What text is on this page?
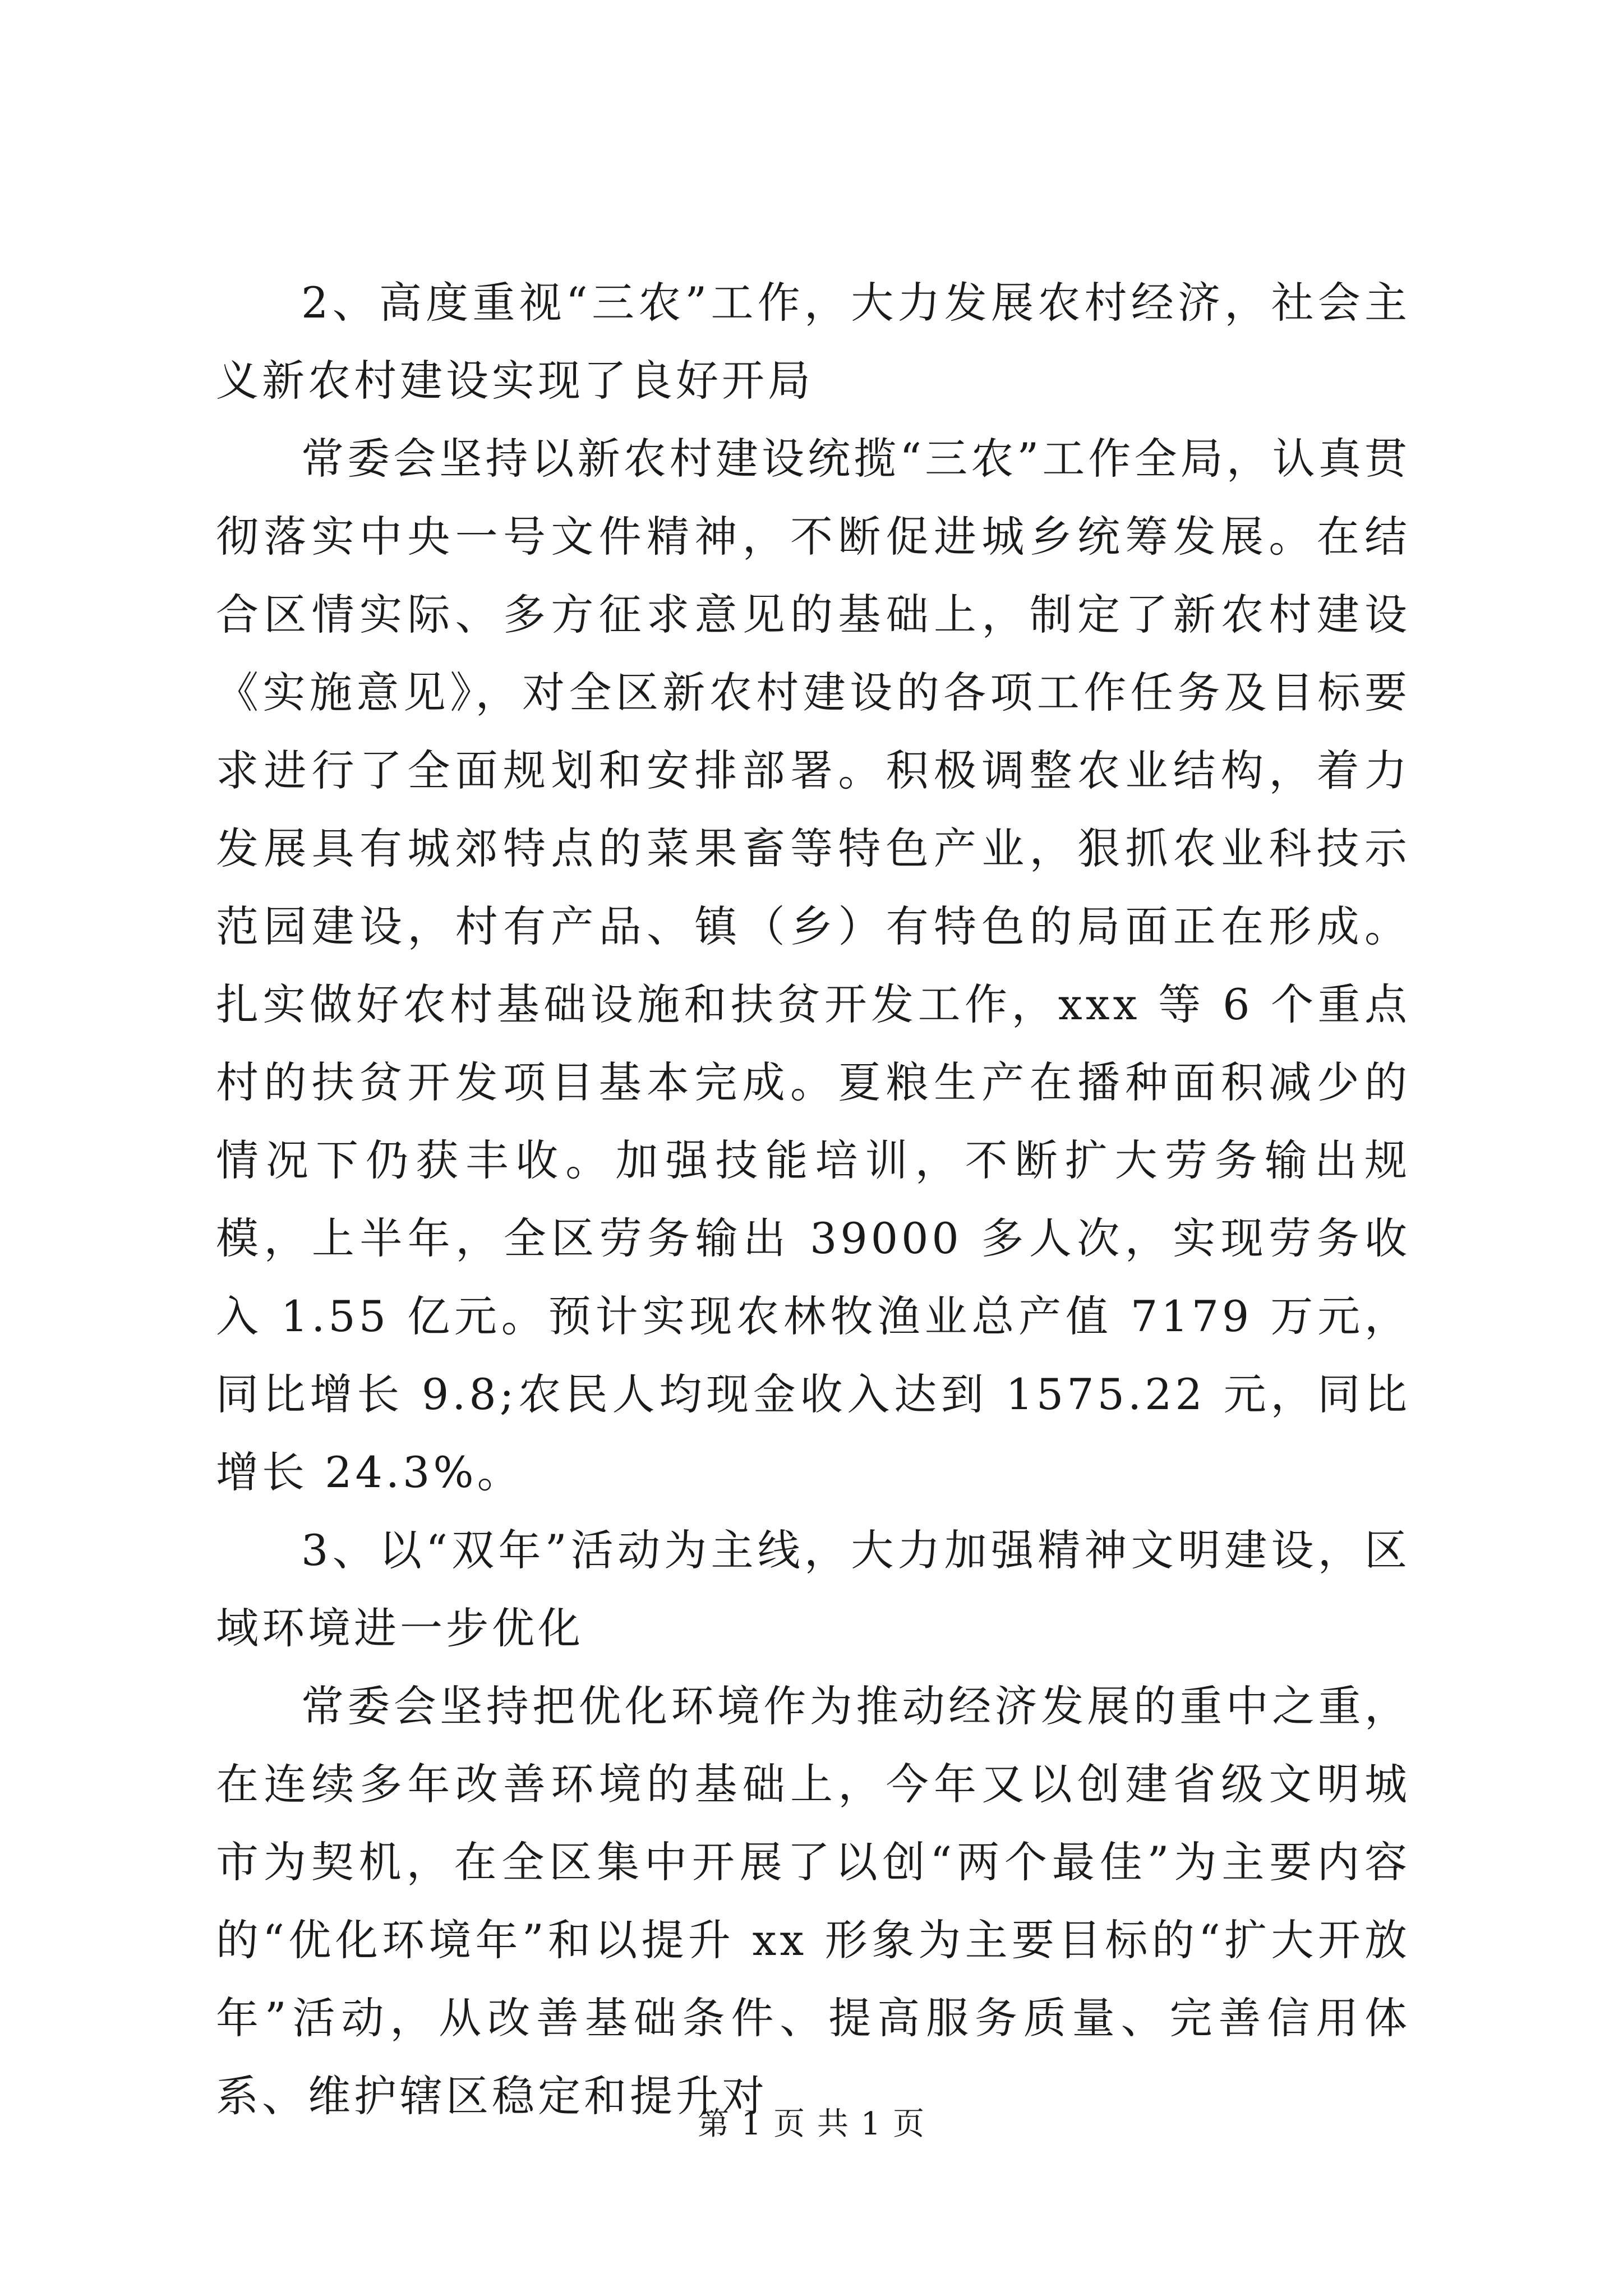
2、高度重视“三农”工作，大力发展农村经济，社会主义新农村建设实现了良好开局

常委会坚持以新农村建设统揽“三农”工作全局，认真贯彻落实中央一号文件精神，不断促进城乡统筹发展。在结合区情实际、多方征求意见的基础上，制定了新农村建设《实施意见》，对全区新农村建设的各项工作任务及目标要求进行了全面规划和安排部署。积极调整农业结构，着力发展具有城郊特点的菜果畜等特色产业，狠抓农业科技示范园建设，村有产品、镇（乡）有特色的局面正在形成。扎实做好农村基础设施和扶贫开发工作，xxx 等 6 个重点村的扶贫开发项目基本完成。夏粮生产在播种面积减少的情况下仍获丰收。加强技能培训，不断扩大劳务输出规模，上半年，全区劳务输出 39000 多人次，实现劳务收入 1.55 亿元。预计实现农林牧渔业总产值 7179 万元，同比增长 9.8;农民人均现金收入达到 1575.22 元，同比增长 24.3%。

3、以“双年”活动为主线，大力加强精神文明建设，区域环境进一步优化

常委会坚持把优化环境作为推动经济发展的重中之重，在连续多年改善环境的基础上，今年又以创建省级文明城市为契机，在全区集中开展了以创“两个最佳”为主要内容的“优化环境年”和以提升 xx 形象为主要目标的“扩大开放年”活动，从改善基础条件、提高服务质量、完善信用体系、维护辖区稳定和提升对

第 1 页 共 1 页
